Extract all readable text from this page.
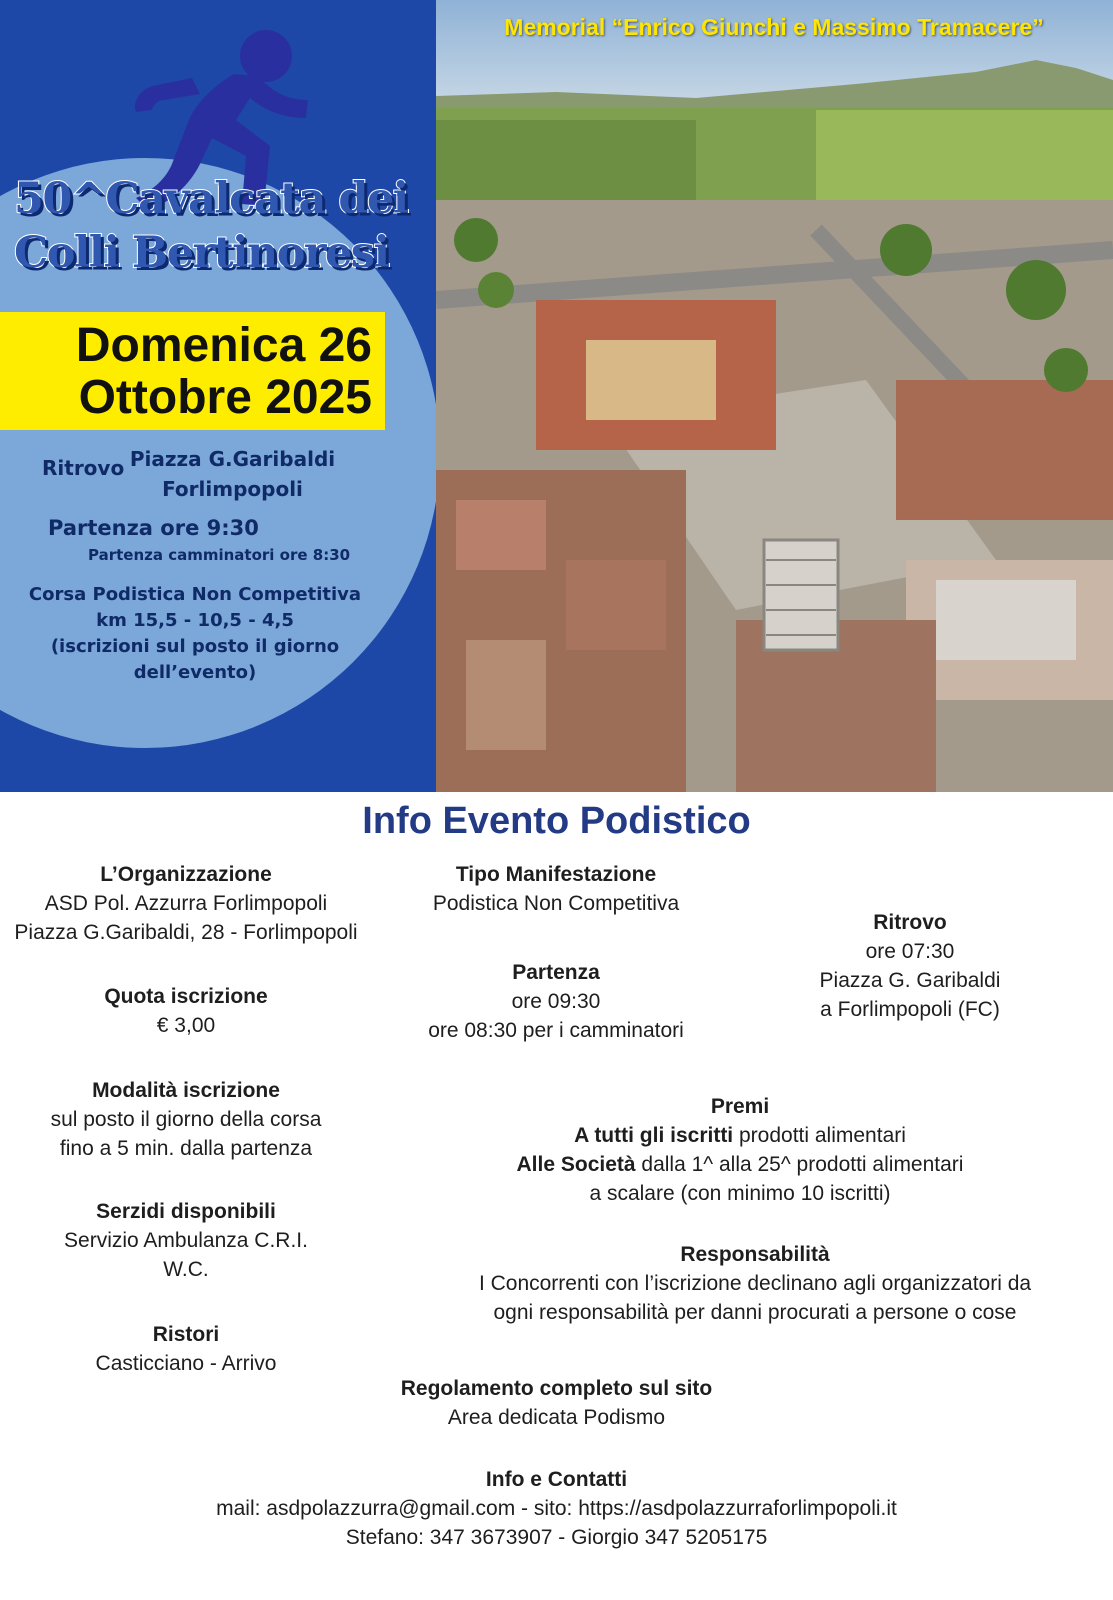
50^Cavalcata dei
Colli Bertinoresi
Domenica 26
Ottobre 2025
Ritrovo Piazza G.Garibaldi
Forlimpopoli
Partenza ore 9:30
Partenza camminatori ore 8:30
Corsa Podistica Non Competitiva
km 15,5 - 10,5 - 4,5
(iscrizioni sul posto il giorno
dell’evento)
Memorial “Enrico Giunchi e Massimo Tramacere”
Info Evento Podistico
L’Organizzazione
ASD Pol. Azzurra Forlimpopoli
Piazza G.Garibaldi, 28 - Forlimpopoli
Quota iscrizione
€ 3,00
Modalità iscrizione
sul posto il giorno della corsa
fino a 5 min. dalla partenza
Serzidi disponibili
Servizio Ambulanza C.R.I.
W.C.
Ristori
Casticciano - Arrivo
Tipo Manifestazione
Podistica Non Competitiva
Partenza
ore 09:30
ore 08:30 per i camminatori
Ritrovo
ore 07:30
Piazza G. Garibaldi
a Forlimpopoli (FC)
Premi
A tutti gli iscritti prodotti alimentari
Alle Società dalla 1^ alla 25^ prodotti alimentari
a scalare (con minimo 10 iscritti)
Responsabilità
I Concorrenti con l’iscrizione declinano agli organizzatori da
ogni responsabilità per danni procurati a persone o cose
Regolamento completo sul sito
Area dedicata Podismo
Info e Contatti
mail: asdpolazzurra@gmail.com - sito: https://asdpolazzurraforlimpopoli.it
Stefano: 347 3673907 - Giorgio 347 5205175
